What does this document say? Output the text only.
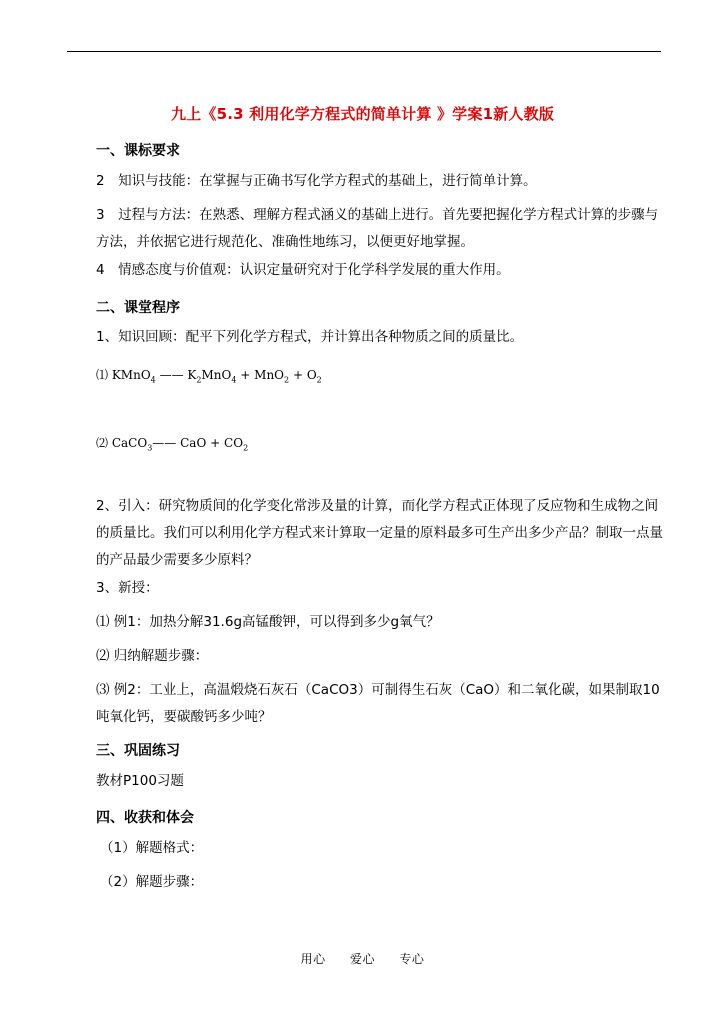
九上《5.3 利用化学方程式的简单计算 》学案1新人教版
一、课标要求
2　知识与技能：在掌握与正确书写化学方程式的基础上，进行简单计算。
3　过程与方法：在熟悉、理解方程式涵义的基础上进行。首先要把握化学方程式计算的步骤与方法，并依据它进行规范化、准确性地练习，以便更好地掌握。
4　情感态度与价值观：认识定量研究对于化学科学发展的重大作用。
二、课堂程序
1、知识回顾：配平下列化学方程式，并计算出各种物质之间的质量比。
⑴ KMnO$_4$ —— $K_2MnO_4 + MnO_2 + O_2$
⑵ CaCO$_3$—— CaO + $CO_2$
2、引入：研究物质间的化学变化常涉及量的计算，而化学方程式正体现了反应物和生成物之间的质量比。我们可以利用化学方程式来计算取一定量的原料最多可生产出多少产品？制取一点量的产品最少需要多少原料？
3、新授：
⑴ 例1：加热分解31.6g高锰酸钾，可以得到多少g氧气？
⑵ 归纳解题步骤：
⑶ 例2：工业上，高温煅烧石灰石（CaCO3）可制得生石灰（CaO）和二氧化碳，如果制取10吨氧化钙，要碳酸钙多少吨？
三、巩固练习
教材P100习题
四、收获和体会
（1）解题格式：
（2）解题步骤：
用心 爱心 专心
